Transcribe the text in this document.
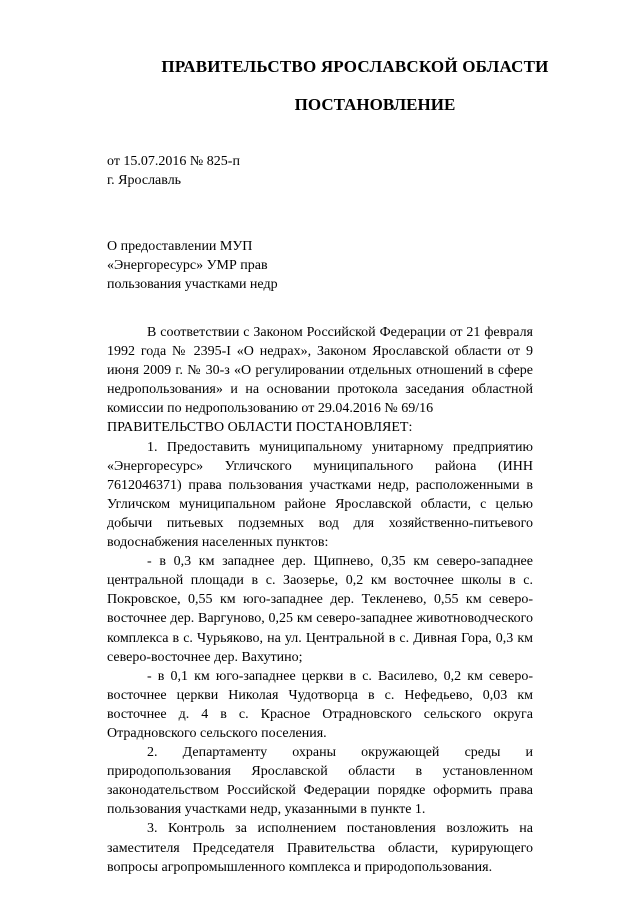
ПРАВИТЕЛЬСТВО ЯРОСЛАВСКОЙ ОБЛАСТИ
ПОСТАНОВЛЕНИЕ
от 15.07.2016 № 825-п
г. Ярославль
О предоставлении МУП
«Энергоресурс» УМР прав
пользования участками недр

В соответствии с Законом Российской Федерации от 21 февраля 1992 года № 2395-I «О недрах», Законом Ярославской области от 9 июня 2009 г. № 30-з «О регулировании отдельных отношений в сфере недропользования» и на основании протокола заседания областной комиссии по недропользованию от 29.04.2016 № 69/16

ПРАВИТЕЛЬСТВО ОБЛАСТИ ПОСТАНОВЛЯЕТ:

1. Предоставить муниципальному унитарному предприятию «Энергоресурс» Угличского муниципального района (ИНН 7612046371) права пользования участками недр, расположенными в Угличском муниципальном районе Ярославской области, с целью добычи питьевых подземных вод для хозяйственно-питьевого водоснабжения населенных пунктов:

- в 0,3 км западнее дер. Щипнево, 0,35 км северо-западнее центральной площади в с. Заозерье, 0,2 км восточнее школы в с. Покровское, 0,55 км юго-западнее дер. Текленево, 0,55 км северо-восточнее дер. Варгуново, 0,25 км северо-западнее животноводческого комплекса в с. Чурьяково, на ул. Центральной в с. Дивная Гора, 0,3 км северо-восточнее дер. Вахутино;

- в 0,1 км юго-западнее церкви в с. Василево, 0,2 км северо-восточнее церкви Николая Чудотворца в с. Нефедьево, 0,03 км восточнее д. 4 в с. Красное Отрадновского сельского округа Отрадновского сельского поселения.

2. Департаменту охраны окружающей среды и природопользования Ярославской области в установленном законодательством Российской Федерации порядке оформить права пользования участками недр, указанными в пункте 1.

3. Контроль за исполнением постановления возложить на заместителя Председателя Правительства области, курирующего вопросы агропромышленного комплекса и природопользования.
